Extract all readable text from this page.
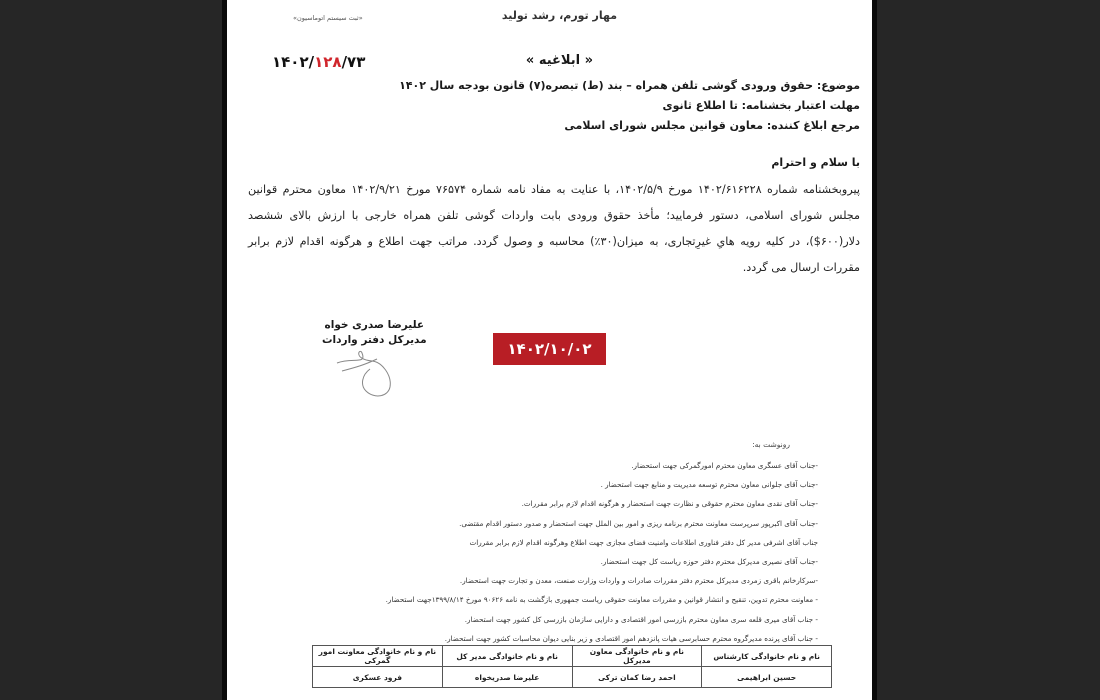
مهار تورم، رشد تولید
«ثبت سیستم اتوماسیون»
« ابلاغیه »
۱۴۰۲/۱۲۸/۷۳
موضوع: حقوق ورودی گوشی تلفن همراه – بند (ط) تبصره(۷) قانون بودجه سال ۱۴۰۲
مهلت اعتبار بخشنامه: تا اطلاع ثانوی
مرجع ابلاغ کننده: معاون قوانین مجلس شورای اسلامی
با سلام و احترام
پیروبخشنامه شماره ۱۴۰۲/۶۱۶۲۲۸ مورخ ۱۴۰۲/۵/۹، با عنایت به مفاد نامه شماره ۷۶۵۷۴ مورخ ۱۴۰۲/۹/۲۱ معاون محترم قوانین مجلس شورای اسلامی، دستور فرمایید؛ مأخذ حقوق ورودی بابت واردات گوشی تلفن همراه خارجی با ارزش بالای ششصد دلار(۶۰۰$)، در کلیه رویه هایِ غیرِتجاری، به میزان(۳۰٪) محاسبه و وصول گردد. مراتب جهت اطلاع و هرگونه اقدام لازم برابر مقررات ارسال می گردد.
علیرضا صدری خواه
مدیرکل دفتر واردات	۱۴۰۲/۱۰/۰۲
رونوشت به:
-جناب آقای عسگری معاون محترم امورگمرکی جهت استحضار.
-جناب آقای جلوانی معاون محترم توسعه مدیریت و منابع جهت استحضار .
-جناب آقای نقدی معاون محترم حقوقی و نظارت جهت استحضار و هرگونه اقدام لازم برابر مقررات.
-جناب آقای اکبرپور سرپرست معاونت محترم برنامه ریزی و امور بین الملل جهت استحضار و صدور دستور اقدام مقتضی.
جناب آقای اشرفی مدیر کل دفتر فناوری اطلاعات وامنیت فضای مجازی جهت اطلاع وهرگونه اقدام لازم برابر مقررات
-جناب آقای نصیری مدیرکل محترم دفتر حوزه ریاست کل جهت استحضار.
-سرکارخانم باقری زمردی مدیرکل محترم دفتر مقررات صادرات و واردات وزارت صنعت، معدن و تجارت جهت استحضار.
- معاونت محترم تدوین، تنقیح و انتشار قوانین و مقررات معاونت حقوقی ریاست جمهوری بازگشت به نامه ۹۰۶۲۶ مورخ ۱۳۹۹/۸/۱۴جهت استحضار.
- جناب آقای میری قلعه سری معاون محترم بازرسی امور اقتصادی و دارایی سازمان بازرسی کل کشور جهت استحضار.
- جناب آقای پرنده مدیرگروه محترم حسابرسی هیات پانزدهم امور اقتصادی و زیر بنایی دیوان محاسبات کشور جهت استحضار.
نام و نام خانوادگی کارشناس	نام و نام خانوادگی معاون مدیرکل	نام و نام خانوادگی مدیر کل	نام و نام خانوادگی معاونت امور گمرکی
حسین ابراهیمی	احمد رضا کمان ترکی	علیرضا صدریخواه	فرود عسکری
